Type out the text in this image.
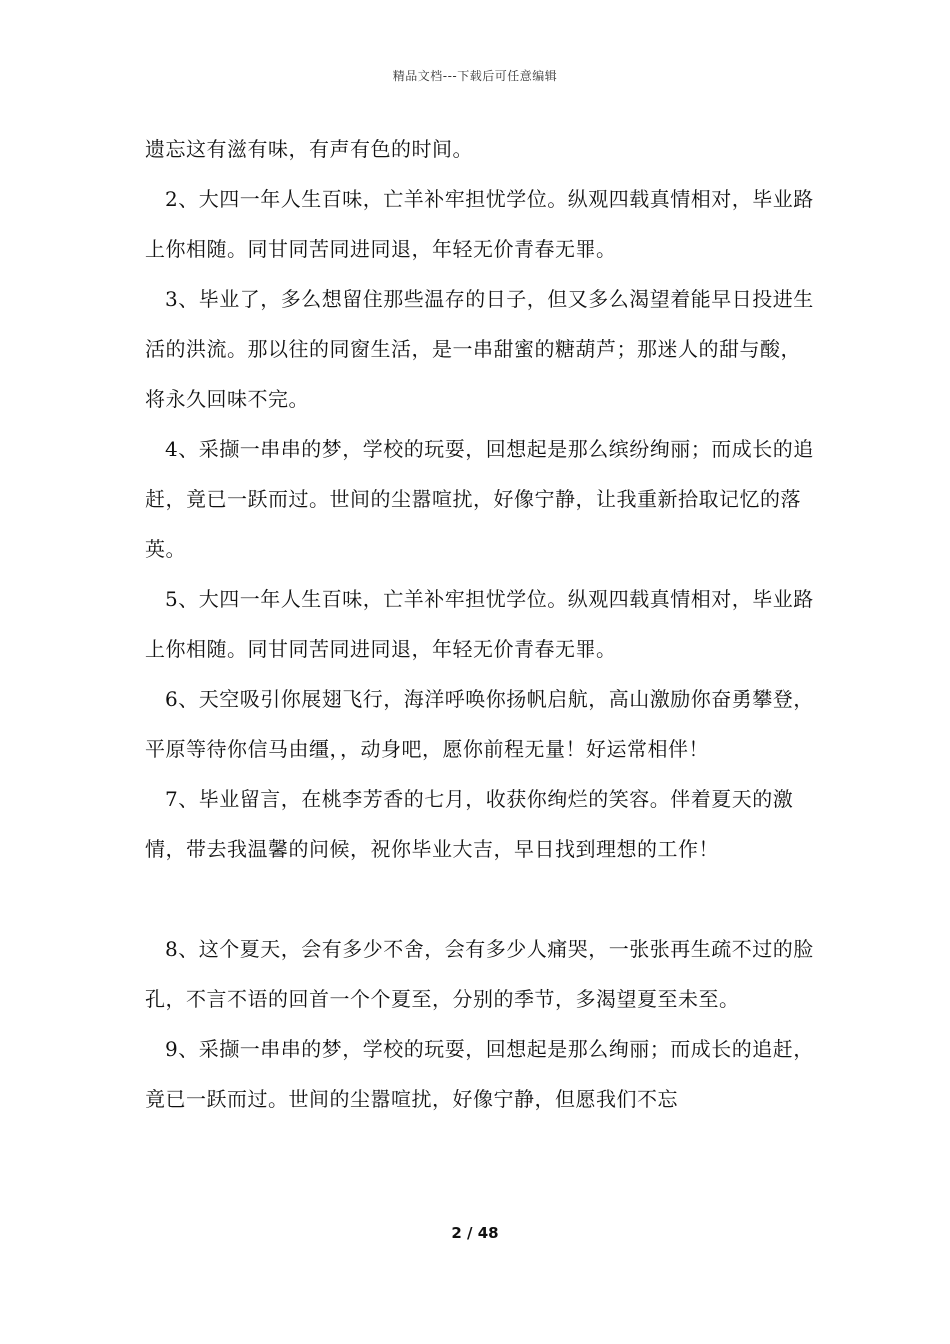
精品文档---下载后可任意编辑

遗忘这有滋有味，有声有色的时间。

2、大四一年人生百味，亡羊补牢担忧学位。纵观四载真情相对，毕业路上你相随。同甘同苦同进同退，年轻无价青春无罪。

3、毕业了，多么想留住那些温存的日子，但又多么渴望着能早日投进生活的洪流。那以往的同窗生活，是一串甜蜜的糖葫芦；那迷人的甜与酸，将永久回味不完。

4、采撷一串串的梦，学校的玩耍，回想起是那么缤纷绚丽；而成长的追赶，竟已一跃而过。世间的尘嚣喧扰，好像宁静，让我重新拾取记忆的落英。

5、大四一年人生百味，亡羊补牢担忧学位。纵观四载真情相对，毕业路上你相随。同甘同苦同进同退，年轻无价青春无罪。

6、天空吸引你展翅飞行，海洋呼唤你扬帆启航，高山激励你奋勇攀登，平原等待你信马由缰，，动身吧，愿你前程无量！好运常相伴！

7、毕业留言，在桃李芳香的七月，收获你绚烂的笑容。伴着夏天的激情，带去我温馨的问候，祝你毕业大吉，早日找到理想的工作！

8、这个夏天，会有多少不舍，会有多少人痛哭，一张张再生疏不过的脸孔，不言不语的回首一个个夏至，分别的季节，多渴望夏至未至。

9、采撷一串串的梦，学校的玩耍，回想起是那么绚丽；而成长的追赶，竟已一跃而过。世间的尘嚣喧扰，好像宁静，但愿我们不忘

2 / 48
